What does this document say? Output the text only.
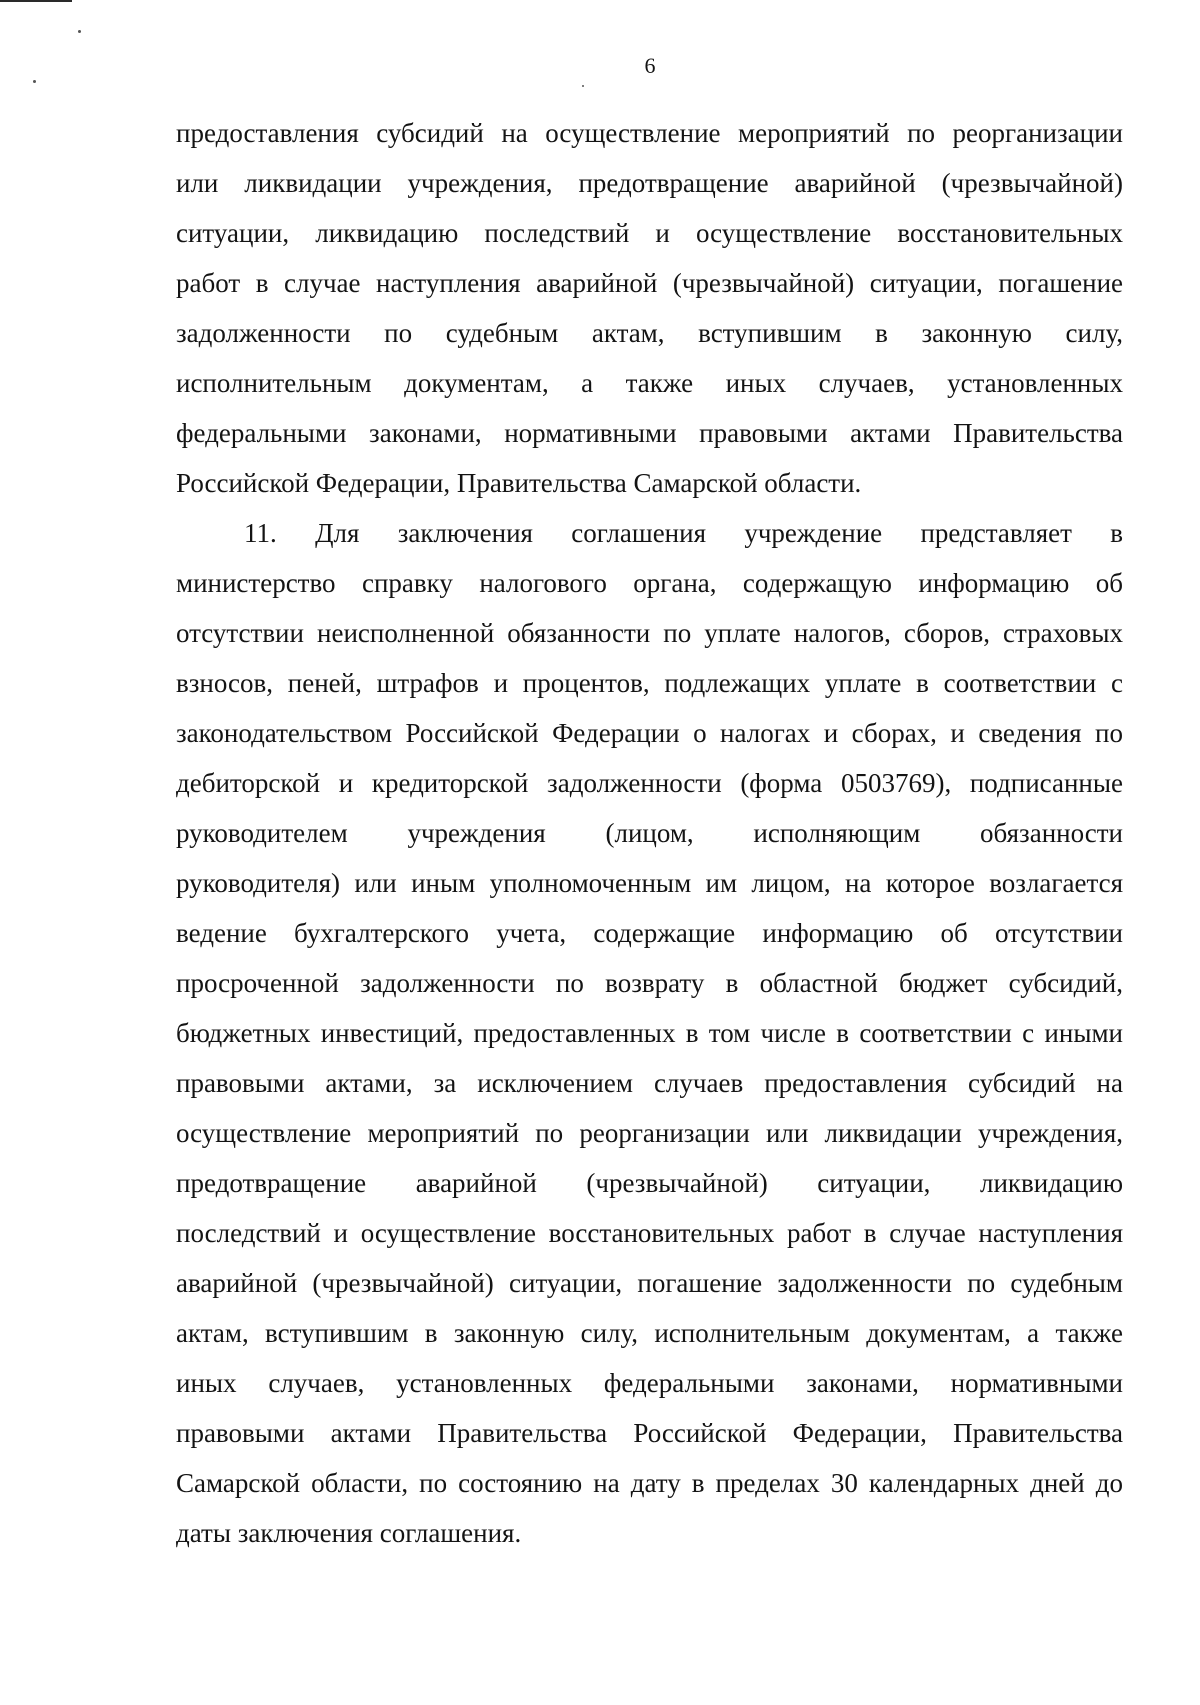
6
предоставления субсидий на осуществление мероприятий по реорганизации
или ликвидации учреждения, предотвращение аварийной (чрезвычайной)
ситуации, ликвидацию последствий и осуществление восстановительных
работ в случае наступления аварийной (чрезвычайной) ситуации, погашение
задолженности по судебным актам, вступившим в законную силу,
исполнительным документам, а также иных случаев, установленных
федеральными законами, нормативными правовыми актами Правительства
Российской Федерации, Правительства Самарской области.
11. Для заключения соглашения учреждение представляет в
министерство справку налогового органа, содержащую информацию об
отсутствии неисполненной обязанности по уплате налогов, сборов, страховых
взносов, пеней, штрафов и процентов, подлежащих уплате в соответствии с
законодательством Российской Федерации о налогах и сборах, и сведения по
дебиторской и кредиторской задолженности (форма 0503769), подписанные
руководителем учреждения (лицом, исполняющим обязанности
руководителя) или иным уполномоченным им лицом, на которое возлагается
ведение бухгалтерского учета, содержащие информацию об отсутствии
просроченной задолженности по возврату в областной бюджет субсидий,
бюджетных инвестиций, предоставленных в том числе в соответствии с иными
правовыми актами, за исключением случаев предоставления субсидий на
осуществление мероприятий по реорганизации или ликвидации учреждения,
предотвращение аварийной (чрезвычайной) ситуации, ликвидацию
последствий и осуществление восстановительных работ в случае наступления
аварийной (чрезвычайной) ситуации, погашение задолженности по судебным
актам, вступившим в законную силу, исполнительным документам, а также
иных случаев, установленных федеральными законами, нормативными
правовыми актами Правительства Российской Федерации, Правительства
Самарской области, по состоянию на дату в пределах 30 календарных дней до
даты заключения соглашения.
